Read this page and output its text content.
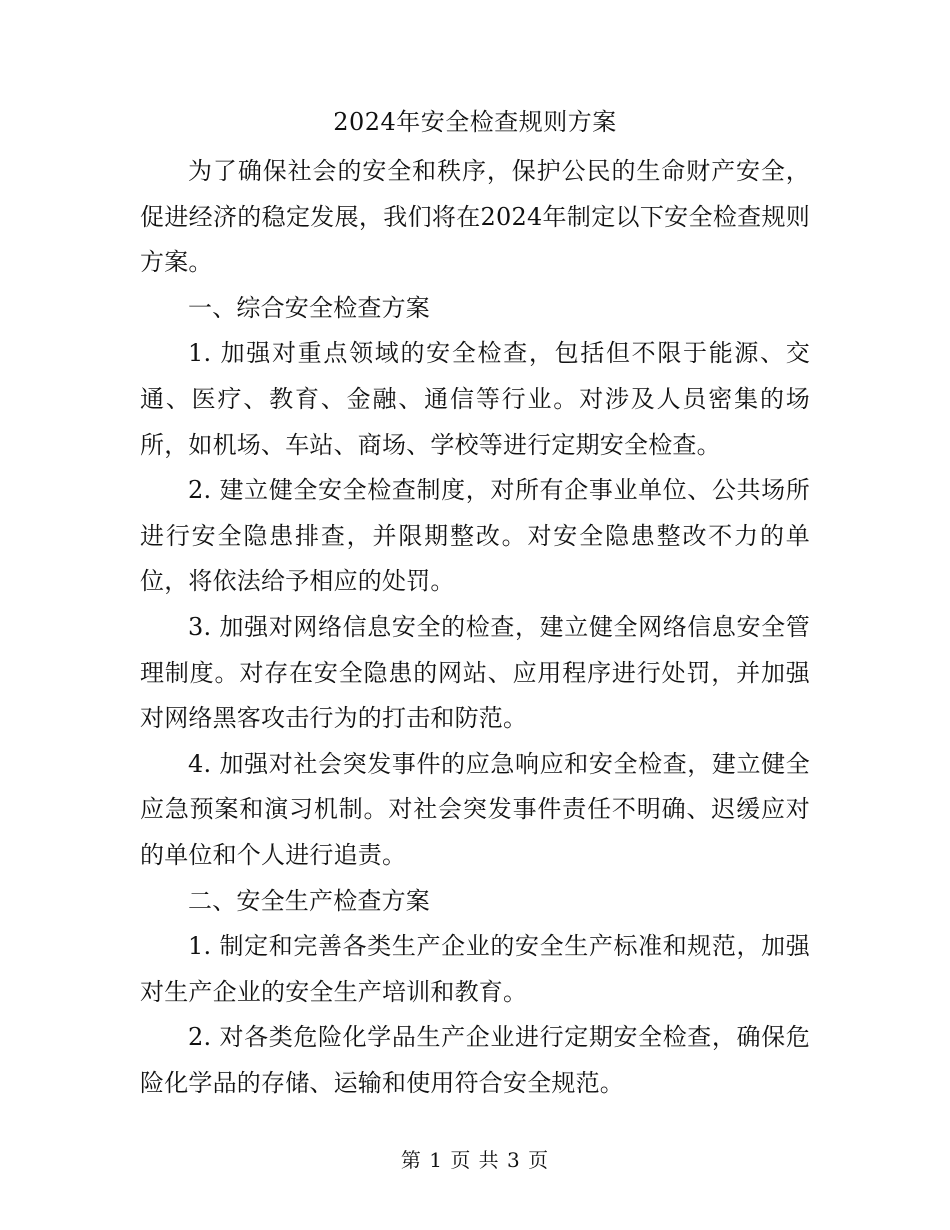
2024年安全检查规则方案

为了确保社会的安全和秩序，保护公民的生命财产安全，促进经济的稳定发展，我们将在2024年制定以下安全检查规则方案。

一、综合安全检查方案

1. 加强对重点领域的安全检查，包括但不限于能源、交通、医疗、教育、金融、通信等行业。对涉及人员密集的场所，如机场、车站、商场、学校等进行定期安全检查。

2. 建立健全安全检查制度，对所有企事业单位、公共场所进行安全隐患排查，并限期整改。对安全隐患整改不力的单位，将依法给予相应的处罚。

3. 加强对网络信息安全的检查，建立健全网络信息安全管理制度。对存在安全隐患的网站、应用程序进行处罚，并加强对网络黑客攻击行为的打击和防范。

4. 加强对社会突发事件的应急响应和安全检查，建立健全应急预案和演习机制。对社会突发事件责任不明确、迟缓应对的单位和个人进行追责。

二、安全生产检查方案

1. 制定和完善各类生产企业的安全生产标准和规范，加强对生产企业的安全生产培训和教育。

2. 对各类危险化学品生产企业进行定期安全检查，确保危险化学品的存储、运输和使用符合安全规范。

第 1 页 共 3 页
